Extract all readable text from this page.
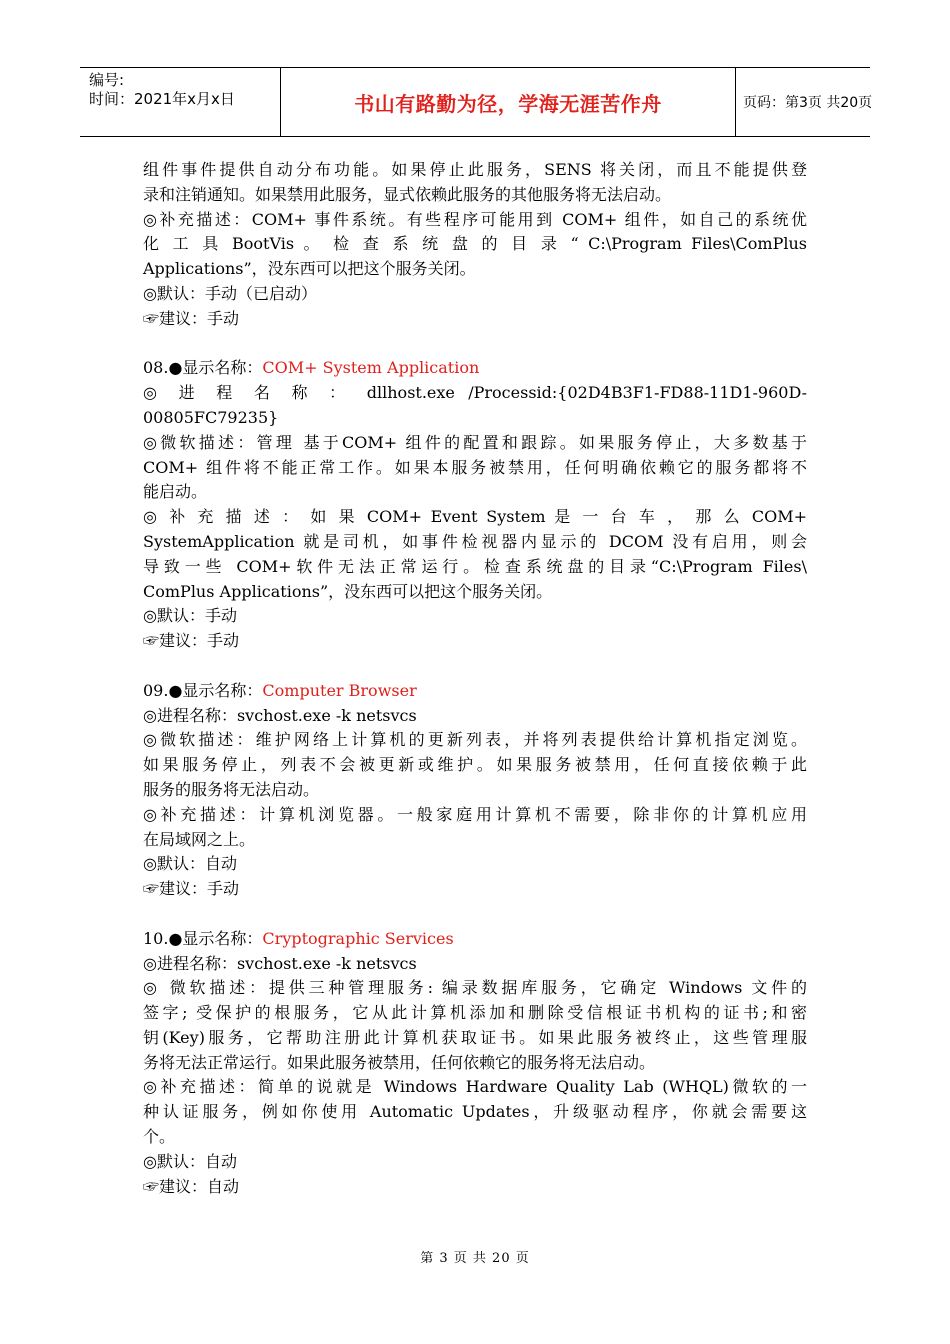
编号:
时间：2021年x月x日	书山有路勤为径，学海无涯苦作舟	页码：第3页 共20页

组件事件提供自动分布功能。如果停止此服务，SENS 将关闭，而且不能提供登

录和注销通知。如果禁用此服务，显式依赖此服务的其他服务将无法启动。

◎补充描述：COM+ 事件系统。有些程序可能用到 COM+ 组件，如自己的系统优

化 工 具 BootVis 。 检 查 系 统 盘 的 目 录 “ C:\Program Files\ComPlus

Applications”，没东西可以把这个服务关闭。

◎默认：手动（已启动）

☞建议：手动

08.●显示名称：COM+ System Application

◎ 进 程 名 称 ： dllhost.exe /Processid:{02D4B3F1-FD88-11D1-960D-

00805FC79235}

◎微软描述：管理 基于COM+ 组件的配置和跟踪。如果服务停止，大多数基于

COM+ 组件将不能正常工作。如果本服务被禁用，任何明确依赖它的服务都将不

能启动。

◎ 补 充 描 述 ： 如 果 COM+ Event System 是 一 台 车 ， 那 么 COM+

SystemApplication 就是司机，如事件检视器内显示的 DCOM 没有启用，则会

导致一些 COM+软件无法正常运行。检查系统盘的目录“C:\Program Files\

ComPlus Applications”，没东西可以把这个服务关闭。

◎默认：手动

☞建议：手动

09.●显示名称：Computer Browser

◎进程名称：svchost.exe -k netsvcs

◎微软描述：维护网络上计算机的更新列表，并将列表提供给计算机指定浏览。

如果服务停止，列表不会被更新或维护。如果服务被禁用，任何直接依赖于此

服务的服务将无法启动。

◎补充描述：计算机浏览器。一般家庭用计算机不需要，除非你的计算机应用

在局域网之上。

◎默认：自动

☞建议：手动

10.●显示名称：Cryptographic Services

◎进程名称：svchost.exe -k netsvcs

◎ 微软描述：提供三种管理服务: 编录数据库服务，它确定 Windows 文件的

签字; 受保护的根服务，它从此计算机添加和删除受信根证书机构的证书;和密

钥(Key)服务，它帮助注册此计算机获取证书。如果此服务被终止，这些管理服

务将无法正常运行。如果此服务被禁用，任何依赖它的服务将无法启动。

◎补充描述：简单的说就是 Windows Hardware Quality Lab (WHQL)微软的一

种认证服务，例如你使用 Automatic Updates，升级驱动程序，你就会需要这

个。

◎默认：自动

☞建议：自动

第 3 页 共 20 页
